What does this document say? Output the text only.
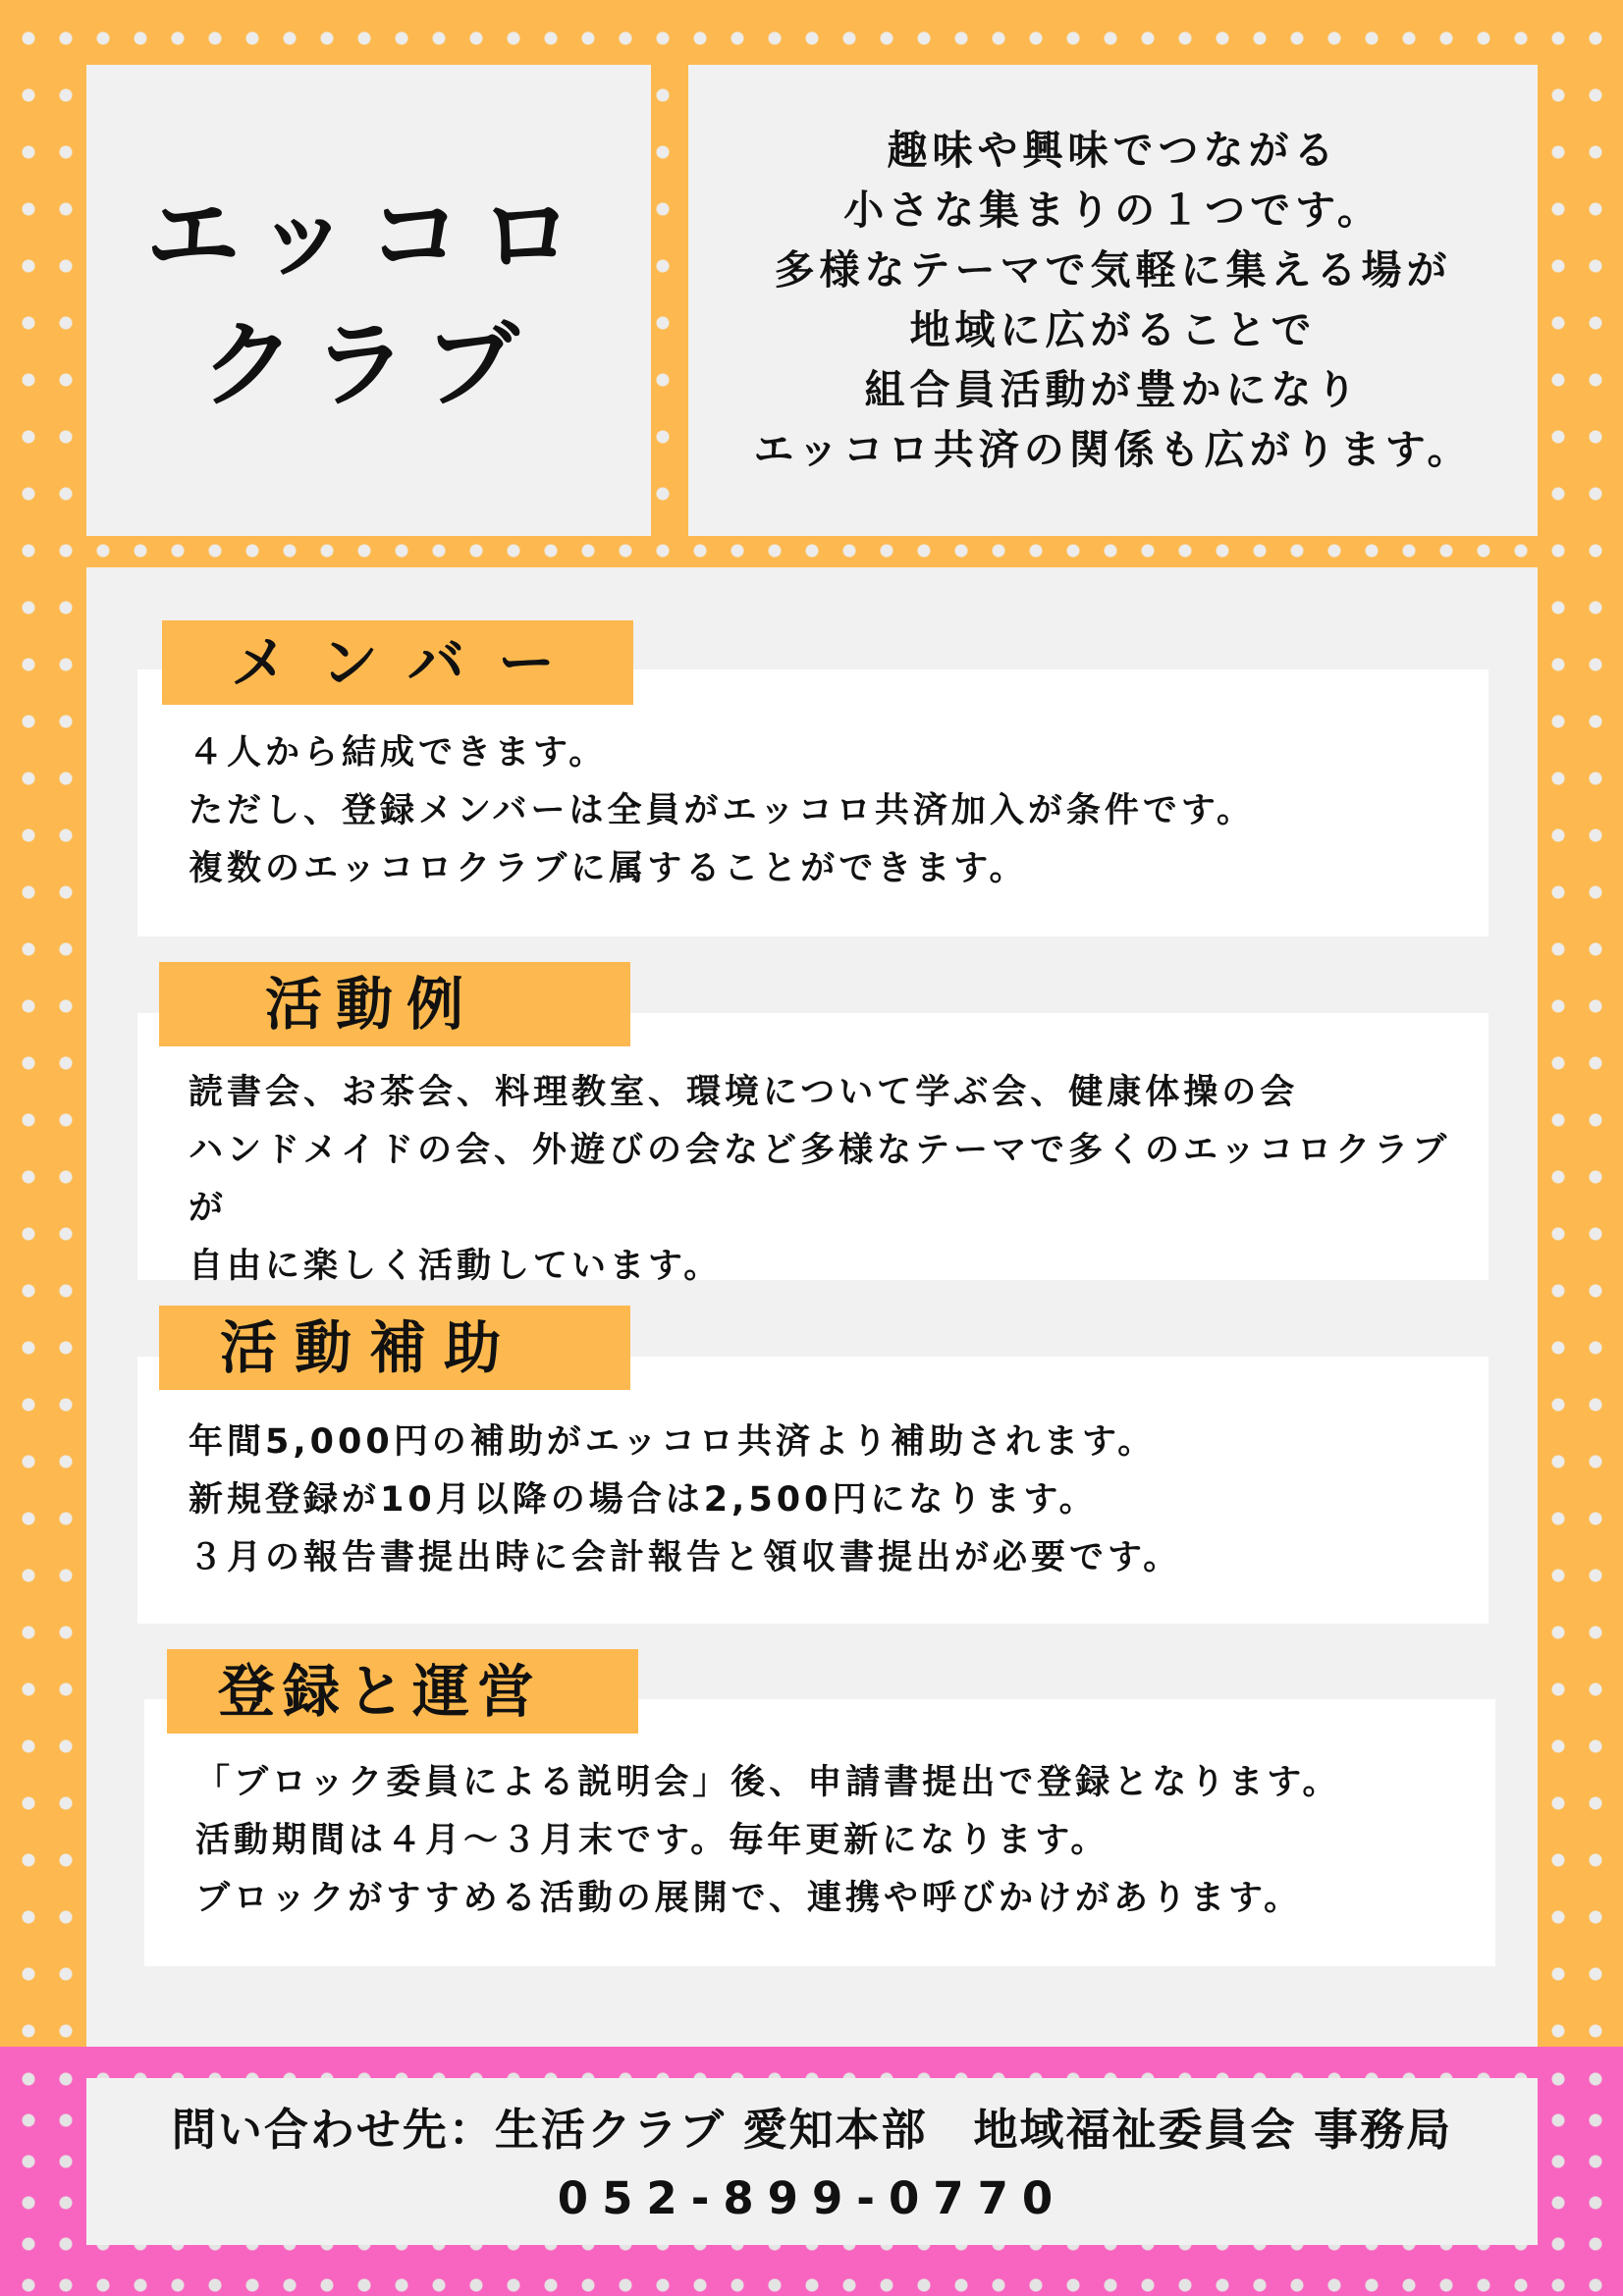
エッコロ
クラブ

趣味や興味でつながる
小さな集まりの１つです。
多様なテーマで気軽に集える場が
地域に広がることで
組合員活動が豊かになり
エッコロ共済の関係も広がります。

４人から結成できます。
ただし、登録メンバーは全員がエッコロ共済加入が条件です。
複数のエッコロクラブに属することができます。

メンバー

読書会、お茶会、料理教室、環境について学ぶ会、健康体操の会
ハンドメイドの会、外遊びの会など多様なテーマで多くのエッコロクラブが
自由に楽しく活動しています。

活動例

年間5,000円の補助がエッコロ共済より補助されます。
新規登録が10月以降の場合は2,500円になります。
３月の報告書提出時に会計報告と領収書提出が必要です。

活動補助

「ブロック委員による説明会」後、申請書提出で登録となります。
活動期間は４月～３月末です。毎年更新になります。
ブロックがすすめる活動の展開で、連携や呼びかけがあります。

登録と運営
問い合わせ先：生活クラブ 愛知本部　地域福祉委員会 事務局
052-899-0770
